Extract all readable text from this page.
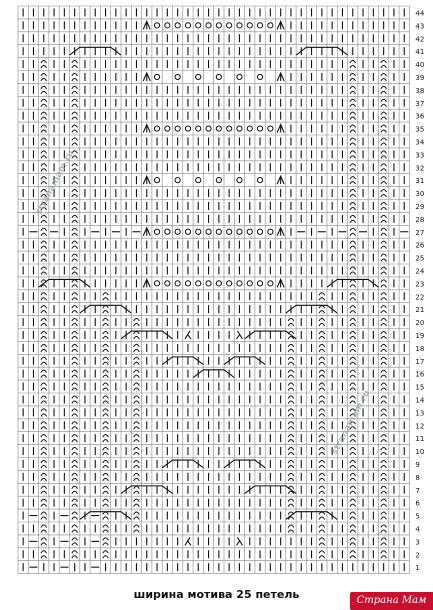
1
2
3
4
5
6
7
8
9
10
11
12
13
14
15
16
17
18
19
20
21
22
23
24
25
26
27
28
29
30
31
32
33
34
35
36
37
38
39
40
41
42
43
44
stranamam.ru
stranamam.ru
ширина мотива 25 петель	Страна Мам
